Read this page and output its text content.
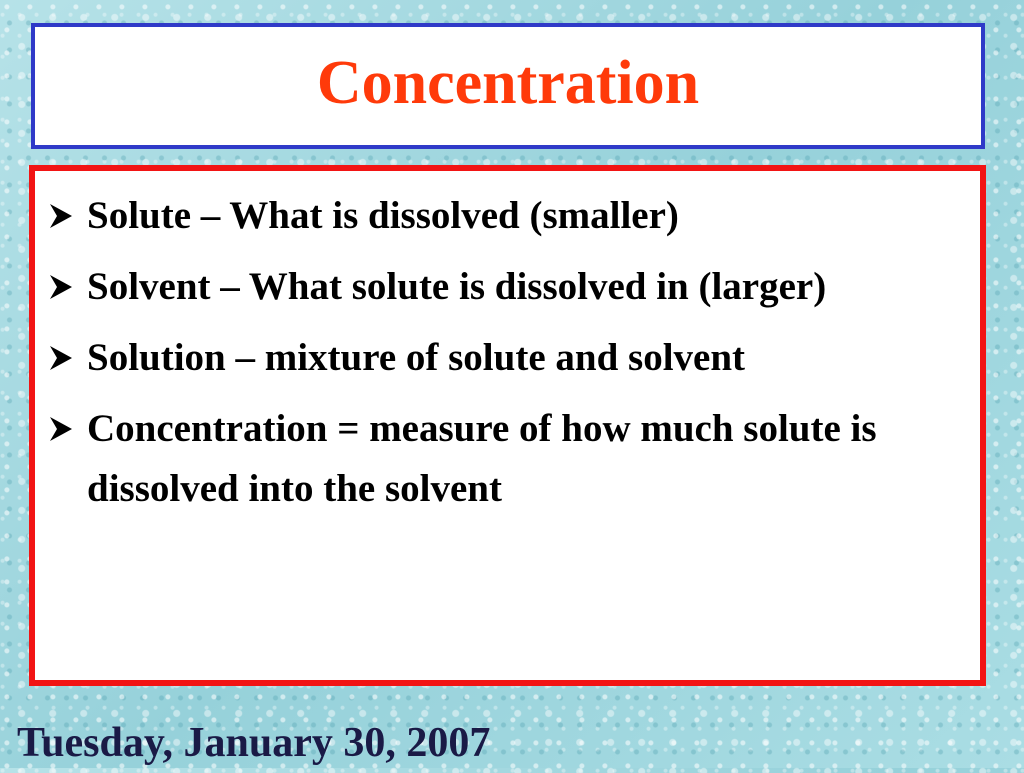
Concentration
Solute – What is dissolved (smaller)
Solvent – What solute is dissolved in (larger)
Solution – mixture of solute and solvent
Concentration = measure of how much solute is dissolved into the solvent
Tuesday, January 30, 2007
